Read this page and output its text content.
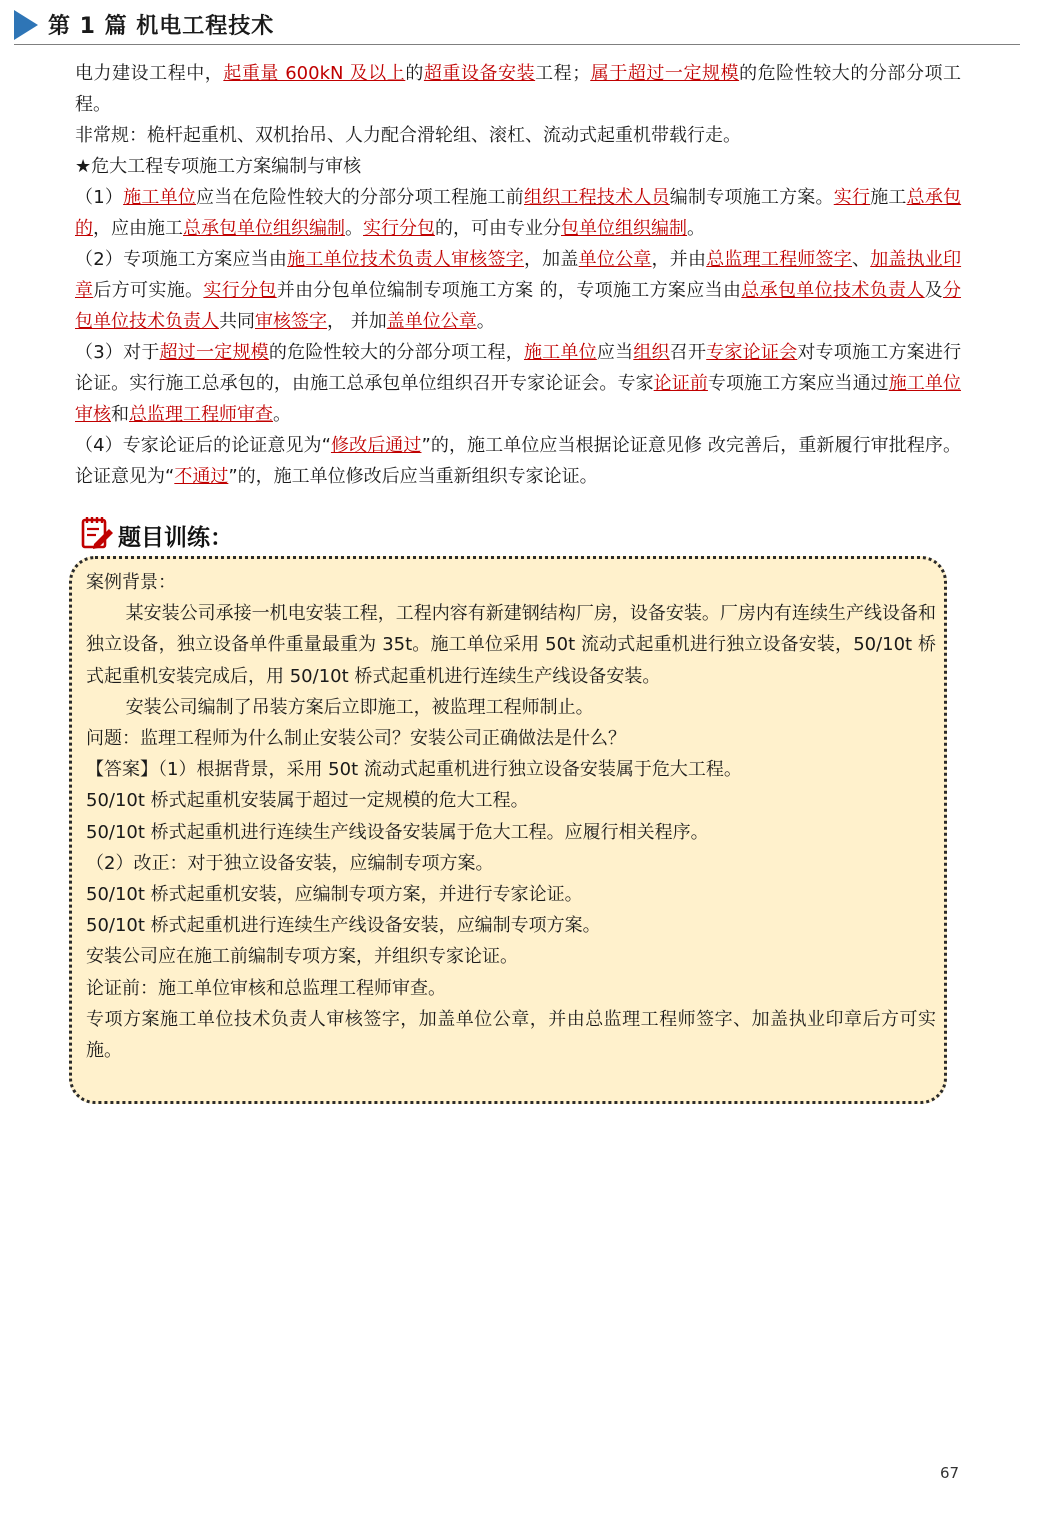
第 1 篇 机电工程技术

电力建设工程中，起重量 600kN 及以上的超重设备安装工程；属于超过一定规模的危险性较大的分部分项工程。

非常规：桅杆起重机、双机抬吊、人力配合滑轮组、滚杠、流动式起重机带载行走。

★危大工程专项施工方案编制与审核

（1）施工单位应当在危险性较大的分部分项工程施工前组织工程技术人员编制专项施工方案。实行施工总承包的，应由施工总承包单位组织编制。实行分包的，可由专业分包单位组织编制。

（2）专项施工方案应当由施工单位技术负责人审核签字，加盖单位公章，并由总监理工程师签字、加盖执业印章后方可实施。实行分包并由分包单位编制专项施工方案 的，专项施工方案应当由总承包单位技术负责人及分包单位技术负责人共同审核签字， 并加盖单位公章。

（3）对于超过一定规模的危险性较大的分部分项工程，施工单位应当组织召开专家论证会对专项施工方案进行论证。实行施工总承包的，由施工总承包单位组织召开专家论证会。专家论证前专项施工方案应当通过施工单位审核和总监理工程师审查。

（4）专家论证后的论证意见为“修改后通过”的，施工单位应当根据论证意见修 改完善后，重新履行审批程序。论证意见为“不通过”的，施工单位修改后应当重新组织专家论证。

题目训练：

案例背景：

某安装公司承接一机电安装工程，工程内容有新建钢结构厂房，设备安装。厂房内有连续生产线设备和独立设备，独立设备单件重量最重为 35t。施工单位采用 50t 流动式起重机进行独立设备安装，50/10t 桥式起重机安装完成后，用 50/10t 桥式起重机进行连续生产线设备安装。

安装公司编制了吊装方案后立即施工，被监理工程师制止。

问题：监理工程师为什么制止安装公司？安装公司正确做法是什么？

【答案】（1）根据背景，采用 50t 流动式起重机进行独立设备安装属于危大工程。

50/10t 桥式起重机安装属于超过一定规模的危大工程。

50/10t 桥式起重机进行连续生产线设备安装属于危大工程。应履行相关程序。

（2）改正：对于独立设备安装，应编制专项方案。

50/10t 桥式起重机安装，应编制专项方案，并进行专家论证。

50/10t 桥式起重机进行连续生产线设备安装，应编制专项方案。

安装公司应在施工前编制专项方案，并组织专家论证。

论证前：施工单位审核和总监理工程师审查。

专项方案施工单位技术负责人审核签字，加盖单位公章，并由总监理工程师签字、加盖执业印章后方可实施。

67
